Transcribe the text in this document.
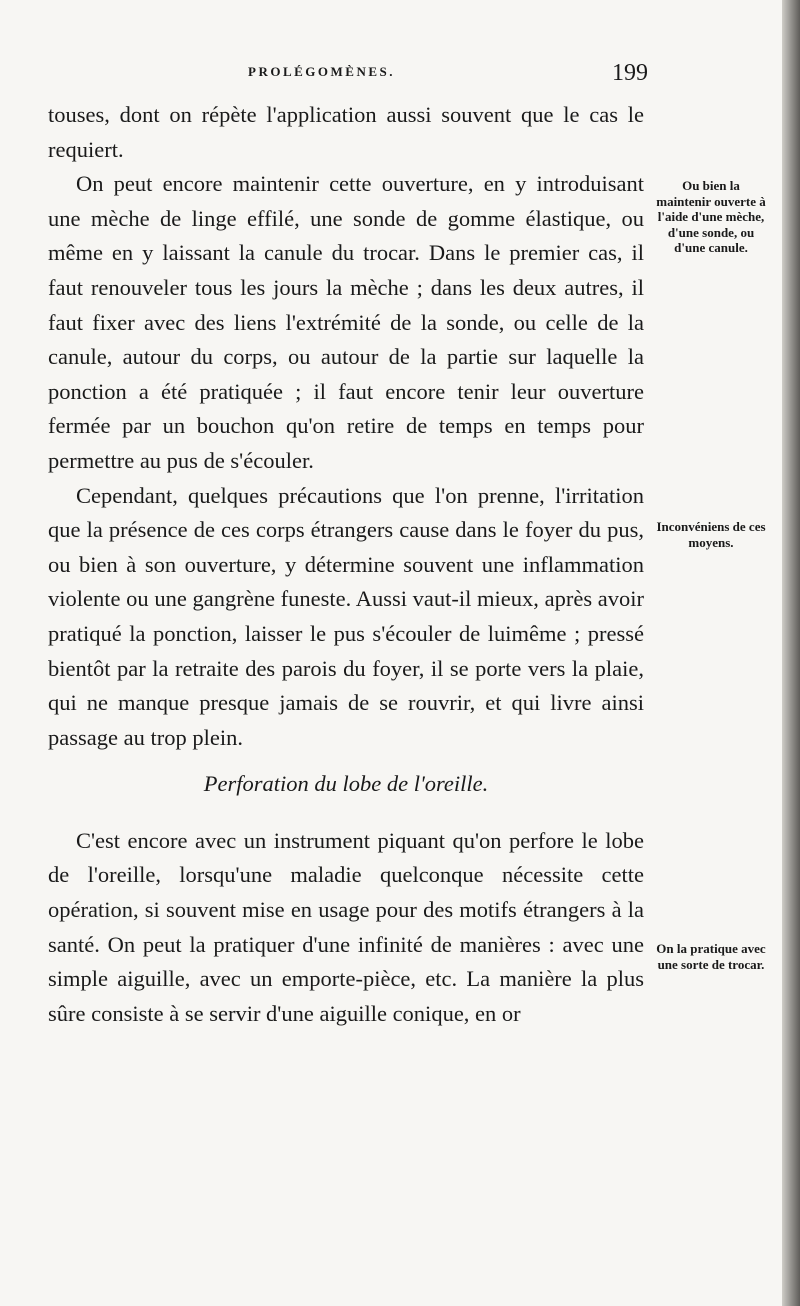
PROLÉGOMÈNES.	199

touses, dont on répète l'application aussi souvent que le cas le requiert.

On peut encore maintenir cette ouverture, en y introduisant une mèche de linge effilé, une sonde de gomme élastique, ou même en y laissant la canule du trocar. Dans le premier cas, il faut renouveler tous les jours la mèche ; dans les deux autres, il faut fixer avec des liens l'extrémité de la sonde, ou celle de la canule, autour du corps, ou autour de la partie sur laquelle la ponction a été pratiquée ; il faut encore tenir leur ouverture fermée par un bouchon qu'on retire de temps en temps pour permettre au pus de s'écouler.

Cependant, quelques précautions que l'on prenne, l'irritation que la présence de ces corps étrangers cause dans le foyer du pus, ou bien à son ouverture, y détermine souvent une inflammation violente ou une gangrène funeste. Aussi vaut-il mieux, après avoir pratiqué la ponction, laisser le pus s'écouler de luimême ; pressé bientôt par la retraite des parois du foyer, il se porte vers la plaie, qui ne manque presque jamais de se rouvrir, et qui livre ainsi passage au trop plein.

Perforation du lobe de l'oreille.

C'est encore avec un instrument piquant qu'on perfore le lobe de l'oreille, lorsqu'une maladie quelconque nécessite cette opération, si souvent mise en usage pour des motifs étrangers à la santé. On peut la pratiquer d'une infinité de manières : avec une simple aiguille, avec un emporte-pièce, etc. La manière la plus sûre consiste à se servir d'une aiguille conique, en or

Ou bien la maintenir ouverte à l'aide d'une mèche, d'une sonde, ou d'une canule.
Inconvéniens de ces moyens.
On la pratique avec une sorte de trocar.
